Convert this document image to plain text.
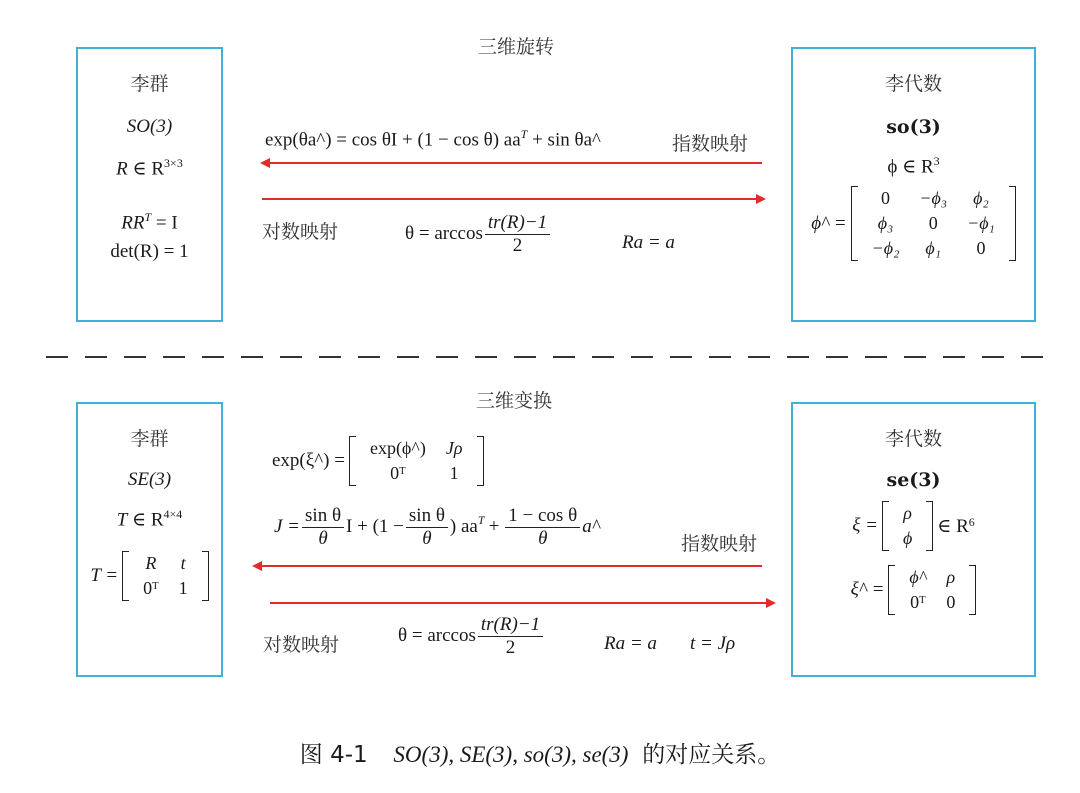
三维旋转
李群
SO(3)
R ∈ $R^{3\times 3}$
$RR^T = I$
det(R) = 1
李代数
so(3)
ϕ ∈ $R^3$
ϕ^ =
0	−ϕ₃	ϕ₂
ϕ₃	0	−ϕ₁
−ϕ₂	ϕ₁	0
exp(θa^) = cos θI + (1 − cos θ) $aa^T + \sin$ θa^	指数映射
对数映射	$\theta = \arccos \frac{tr(R)-1}{2}$	Ra = a
三维变换
李群
SE(3)
T ∈ $R^{4\times 4}$
T =
R	t
0ᵀ	1
李代数
se(3)
ξ =
ρ
ϕ
∈ R 6
ξ^ =
ϕ^	ρ
0ᵀ	0
exp(ξ^) =
exp(ϕ^)	Jρ
0ᵀ	1
$J = \frac{\text{sin θ}}{\theta}$ $I + (1 - \frac{\text{sin θ}}{\theta}$ ) $aa^T + \frac{\text{1 − cos θ}}{\theta}$ a^
指数映射
对数映射	$\theta = \arccos \frac{tr(R)-1}{2}$	Ra = a t = Jρ
图 4-1 SO(3), SE(3), so(3), se(3) 的对应关系。
